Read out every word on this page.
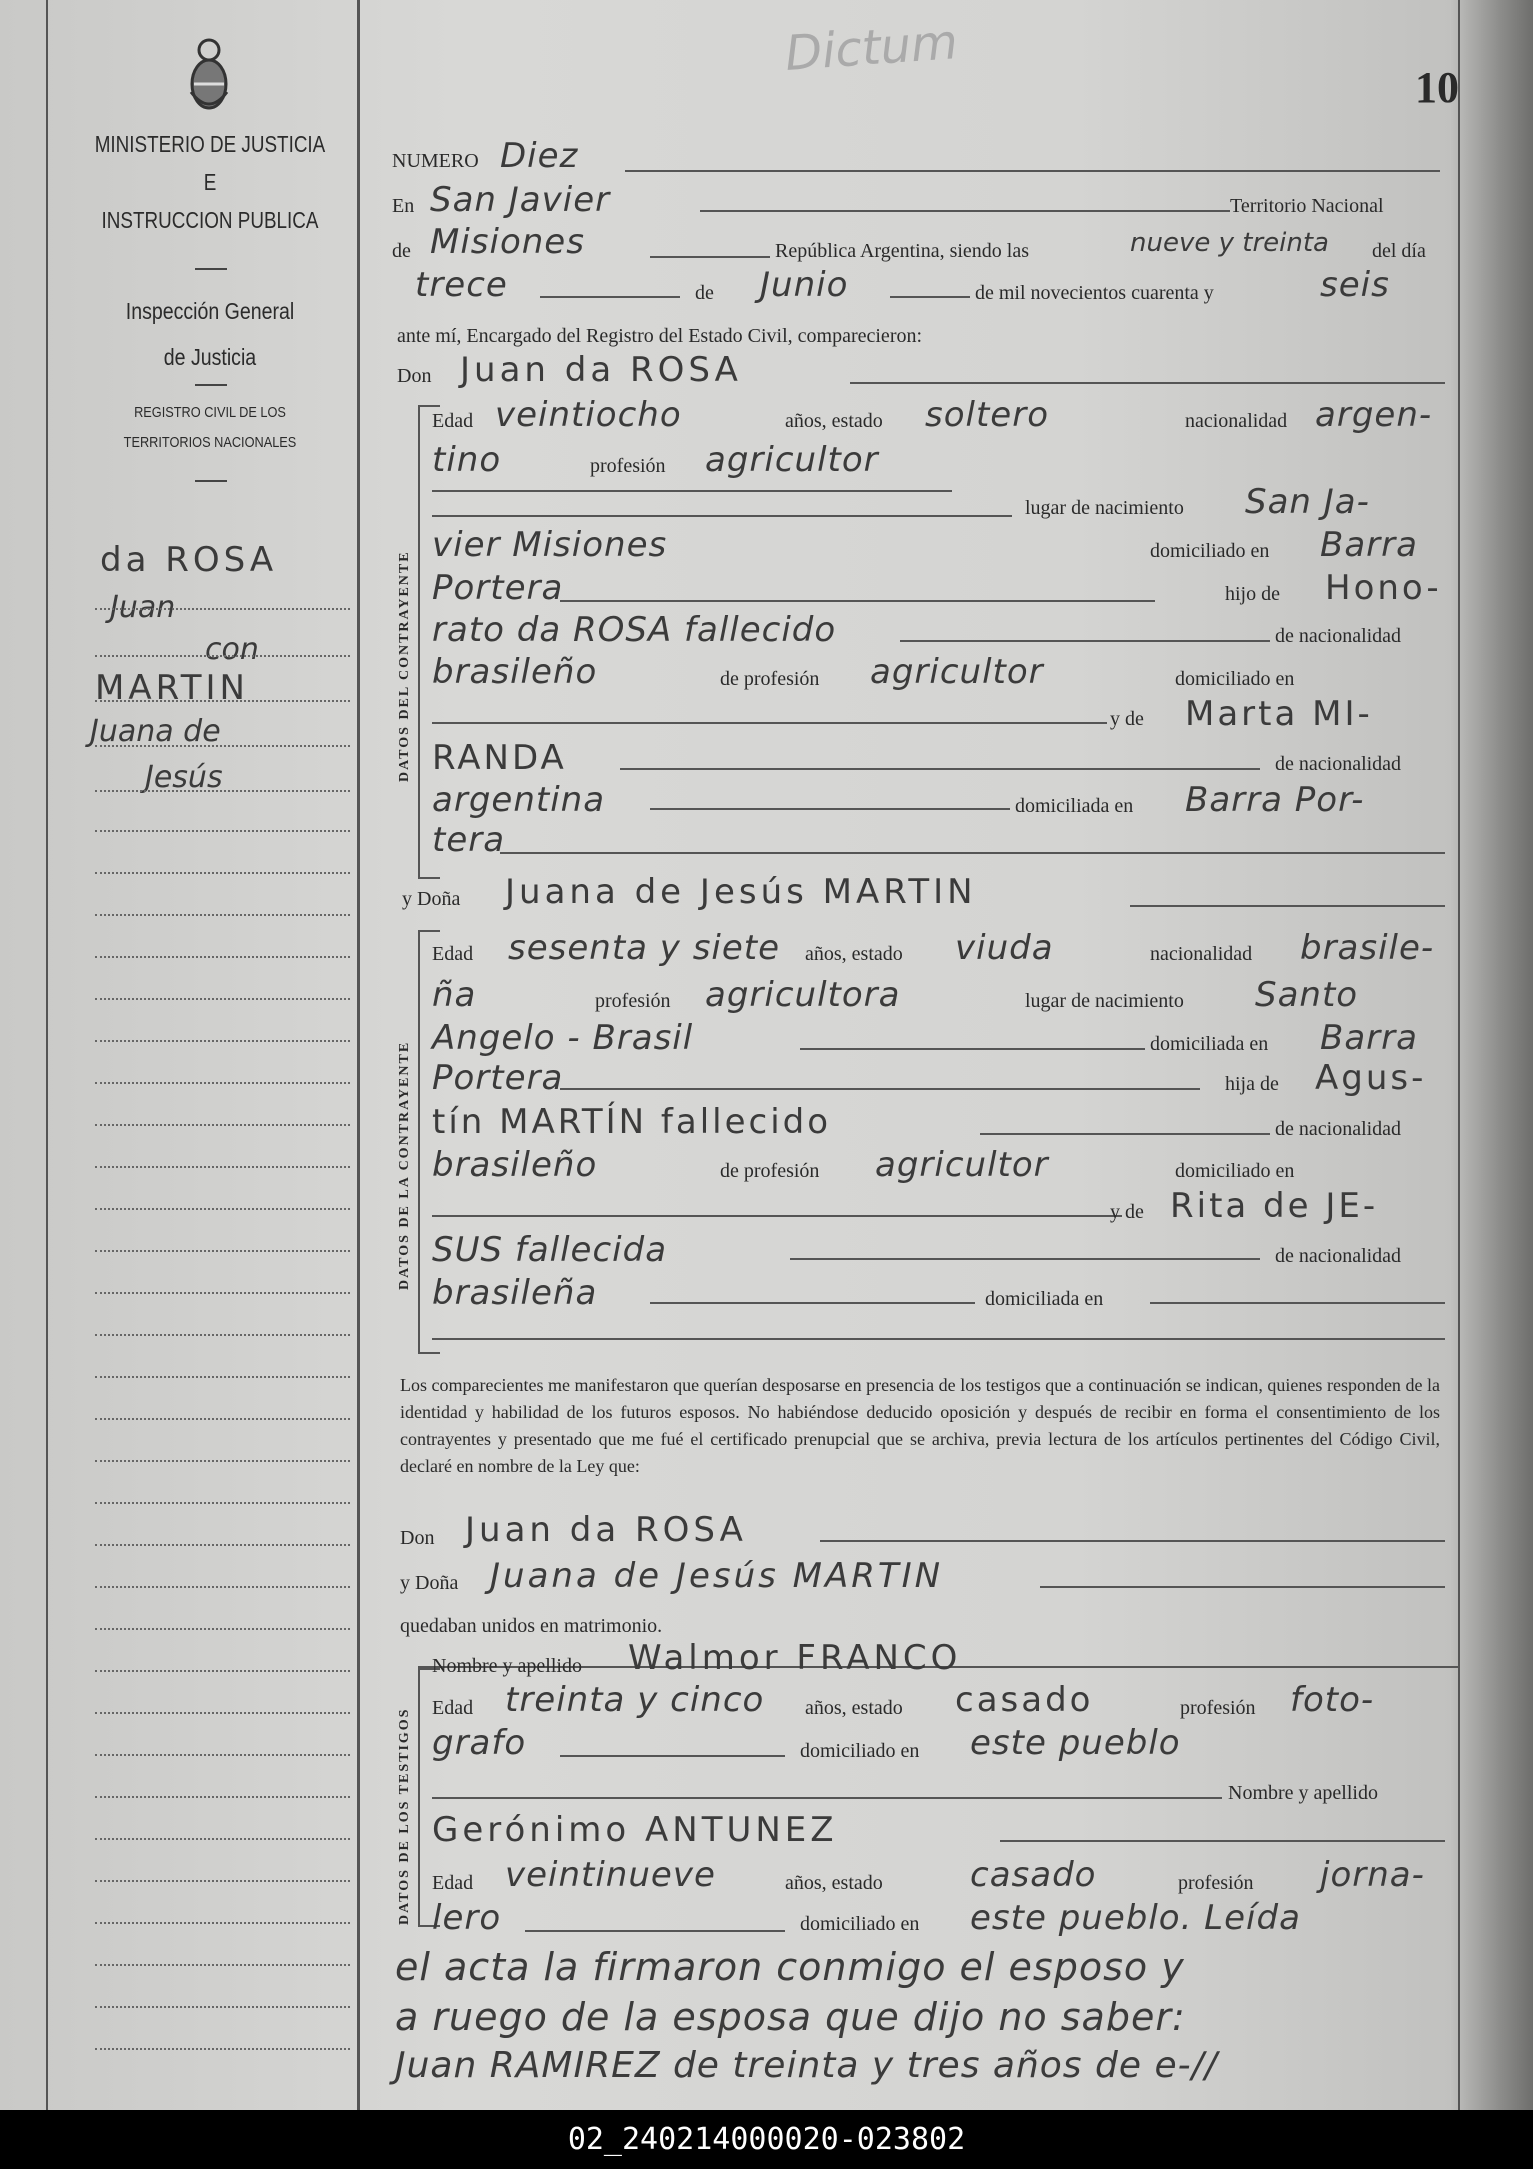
MINISTERIO DE JUSTICIA
E
INSTRUCCION PUBLICA
Inspección General
de Justicia
REGISTRO CIVIL DE LOS
TERRITORIOS NACIONALES
da ROSA
Juan
con
MARTIN
Juana de
Jesús
Dictum
10
NUMERO Diez
En San Javier	Territorio Nacional
de Misiones	República Argentina, siendo las	nueve y treinta del día
trece	de Junio	de mil novecientos cuarenta y	seis
ante mí, Encargado del Registro del Estado Civil, comparecieron:
Don Juan da ROSA
DATOS DEL CONTRAYENTE
Edad veintiocho	años, estado soltero	nacionalidad argen-
tino	profesión agricultor
lugar de nacimiento San Ja-
vier Misiones	domiciliado en Barra
Portera	hijo de Hono-
rato da ROSA fallecido	de nacionalidad
brasileño	de profesión agricultor	domiciliado en
y de Marta MI-
RANDA	de nacionalidad
argentina	domiciliada en Barra Por-
tera
y Doña Juana de Jesús MARTIN
DATOS DE LA CONTRAYENTE
Edad sesenta y siete años, estado viuda	nacionalidad brasile-
ña	profesión agricultora	lugar de nacimiento Santo
Angelo - Brasil	domiciliada en Barra
Portera	hija de Agus-
tín MARTÍN fallecido	de nacionalidad
brasileño	de profesión agricultor	domiciliado en
y de Rita de JE-
SUS fallecida	de nacionalidad
brasileña	domiciliada en
Los comparecientes me manifestaron que querían desposarse en presencia de los testigos que a continuación se indican, quienes responden de la identidad y habilidad de los futuros esposos. No habiéndose deducido oposición y después de recibir en forma el consentimiento de los contrayentes y presentado que me fué el certificado prenupcial que se archiva, previa lectura de los artículos pertinentes del Código Civil, declaré en nombre de la Ley que:
Don Juan da ROSA
y Doña Juana de Jesús MARTIN
quedaban unidos en matrimonio.
DATOS DE LOS TESTIGOS
Nombre y apellido Walmor FRANCO
Edad treinta y cinco años, estado casado	profesión foto-
grafo	domiciliado en este pueblo
Nombre y apellido
Gerónimo ANTUNEZ
Edad veintinueve	años, estado	casado	profesión jorna-
lero	domiciliado en este pueblo. Leída
el acta la firmaron conmigo el esposo y
a ruego de la esposa que dijo no saber:
Juan RAMIREZ de treinta y tres años de e-//
02_240214000020-023802
